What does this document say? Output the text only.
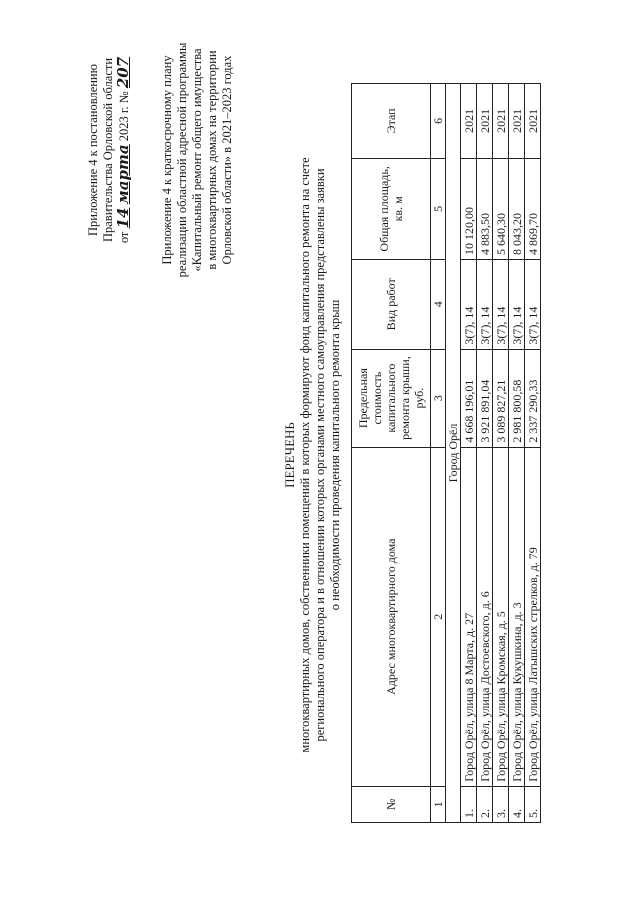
Приложение 4 к постановлению Правительства Орловской области от 14 марта 2023 г. № 207 Приложение 4 к краткосрочному плану реализации областной адресной программы «Капитальный ремонт общего имущества в многоквартирных домах на территории Орловской области» в 2021–2023 годах
ПЕРЕЧЕНЬ многоквартирных домов, собственники помещений в которых формируют фонд капитального ремонта на счете регионального оператора и в отношении которых органами местного самоуправления представлены заявки о необходимости проведения капитального ремонта крыш
№	Адрес многоквартирного дома	Предельная стоимость капитального ремонта крыши, руб.	Вид работ	Общая площадь, кв. м	Этап
1	2	3	4	5	6
Город Орёл					
1.	Город Орёл, улица 8 Марта, д. 27	4 668 196,01	3(7), 14	10 120,00	2021
2.	Город Орёл, улица Достоевского, д. 6	3 921 891,04	3(7), 14	4 883,50	2021
3.	Город Орёл, улица Кромская, д. 5	3 089 827,21	3(7), 14	5 640,30	2021
4.	Город Орёл, улица Кукушкина, д. 3	2 981 800,58	3(7), 14	8 043,20	2021
5.	Город Орёл, улица Латышских стрелков, д. 79	2 337 290,33	3(7), 14	4 869,70	2021
